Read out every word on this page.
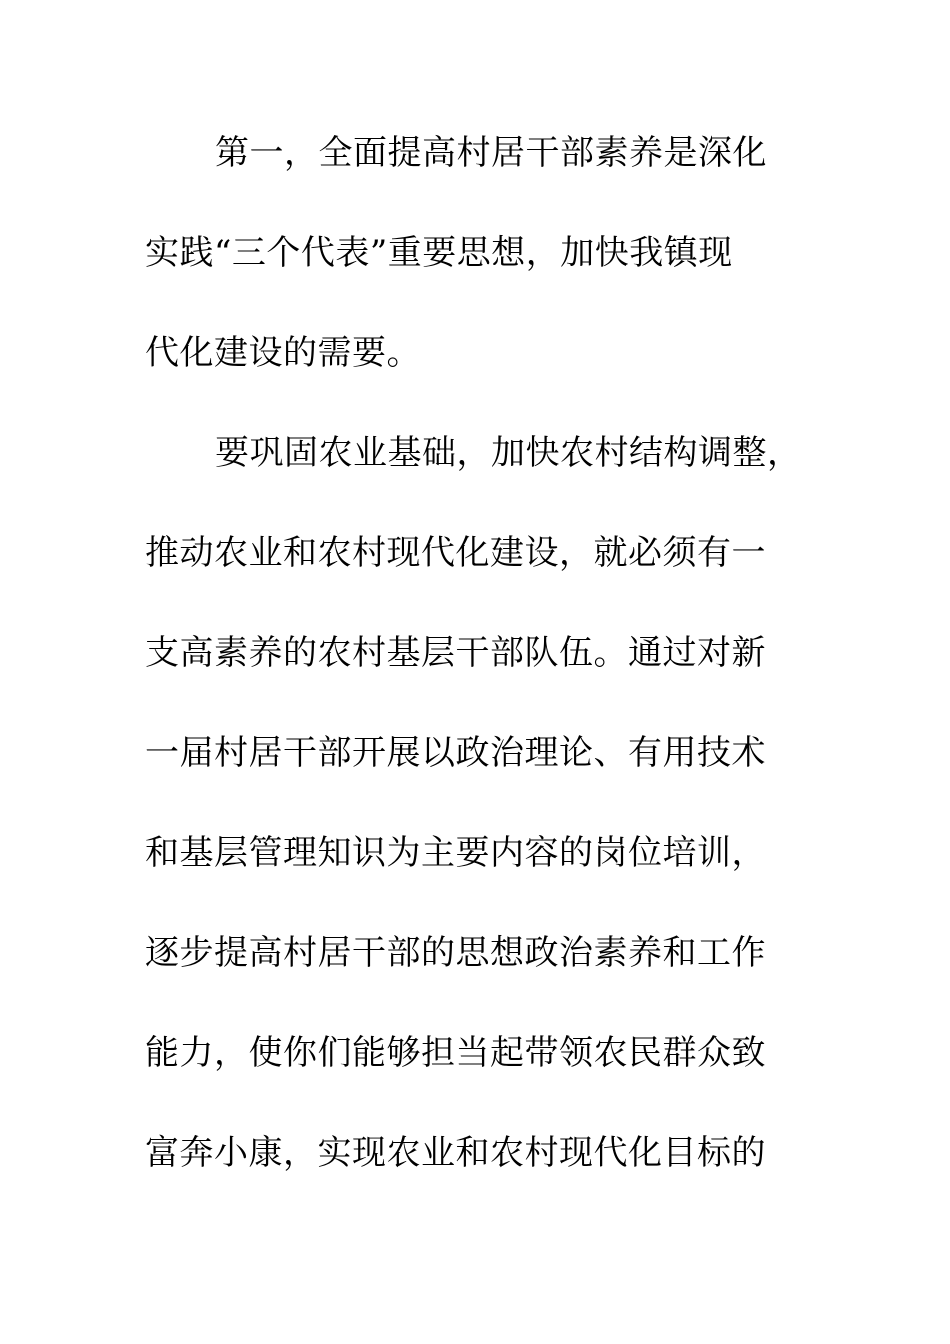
第一，全面提高村居干部素养是深化
实践“三个代表”重要思想，加快我镇现
代化建设的需要。
要巩固农业基础，加快农村结构调整，
推动农业和农村现代化建设，就必须有一
支高素养的农村基层干部队伍。通过对新
一届村居干部开展以政治理论、有用技术
和基层管理知识为主要内容的岗位培训，
逐步提高村居干部的思想政治素养和工作
能力，使你们能够担当起带领农民群众致
富奔小康，实现农业和农村现代化目标的
